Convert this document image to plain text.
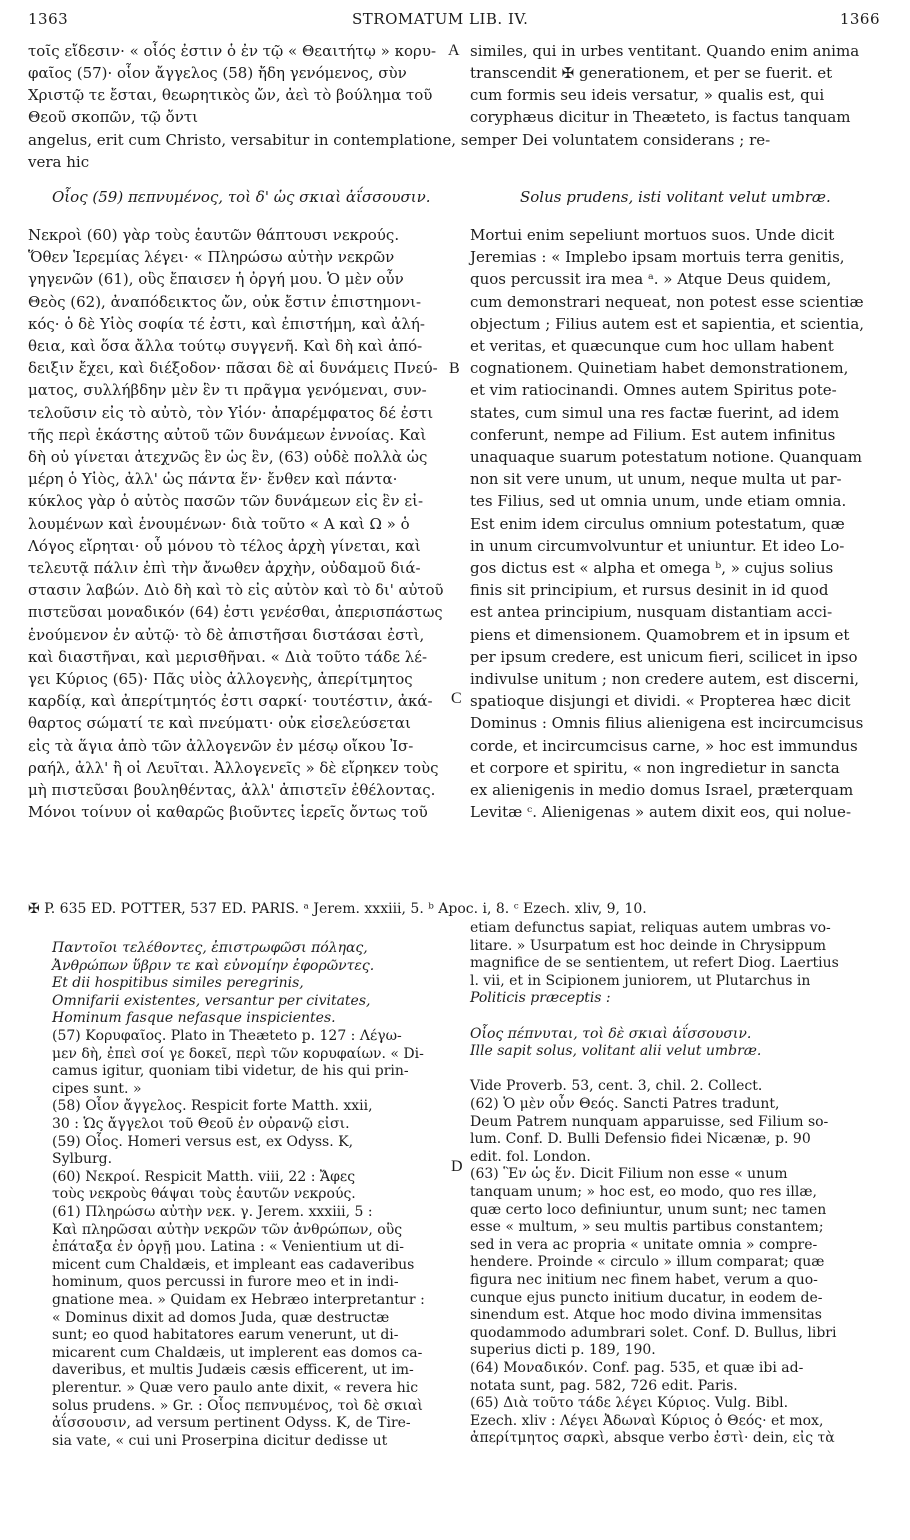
1363	STROMATUM LIB. IV.	1366
τοῖς εἴδεσιν· « οἷός ἐστιν ὁ ἐν τῷ « Θεαιτήτῳ » κορυ-
φαῖος (57)· οἷον ἄγγελος (58) ἤδη γενόμενος, σὺν
Χριστῷ τε ἔσται, θεωρητικὸς ὤν, ἀεὶ τὸ βούλημα τοῦ
Θεοῦ σκοπῶν, τῷ ὄντι
A similes, qui in urbes ventitant. Quando enim anima
transcendit ✠ generationem, et per se fuerit. et
cum formis seu ideis versatur, » qualis est, qui
coryphæus dicitur in Theæteto, is factus tanquam
angelus, erit cum Christo, versabitur in contemplatione, semper Dei voluntatem considerans ; re-
vera hic
Οἷος (59) πεπνυμένος, τοὶ δ' ὡς σκιαὶ ἀΐσσουσιν.	Solus prudens, isti volitant velut umbræ.
Νεκροὶ (60) γὰρ τοὺς ἑαυτῶν θάπτουσι νεκρούς.
Ὅθεν Ἱερεμίας λέγει· « Πληρώσω αὐτὴν νεκρῶν
γηγενῶν (61), οὓς ἔπαισεν ἡ ὀργή μου. Ὁ μὲν οὖν
Θεὸς (62), ἀναπόδεικτος ὤν, οὐκ ἔστιν ἐπιστημονι-
κός· ὁ δὲ Υἱὸς σοφία τέ ἐστι, καὶ ἐπιστήμη, καὶ ἀλή-
θεια, καὶ ὅσα ἄλλα τούτῳ συγγενῆ. Καὶ δὴ καὶ ἀπό-
δειξιν ἔχει, καὶ διέξοδον· πᾶσαι δὲ αἱ δυνάμεις Πνεύ-
ματος, συλλήβδην μὲν ἓν τι πρᾶγμα γενόμεναι, συν-
τελοῦσιν εἰς τὸ αὐτὸ, τὸν Υἱόν· ἀπαρέμφατος δέ ἐστι
τῆς περὶ ἑκάστης αὐτοῦ τῶν δυνάμεων ἐννοίας. Καὶ
δὴ οὐ γίνεται ἀτεχνῶς ἓν ὡς ἓν, (63) οὐδὲ πολλὰ ὡς
μέρη ὁ Υἱὸς, ἀλλ' ὡς πάντα ἕν· ἔνθεν καὶ πάντα·
κύκλος γὰρ ὁ αὐτὸς πασῶν τῶν δυνάμεων εἰς ἓν εἰ-
λουμένων καὶ ἑνουμένων· διὰ τοῦτο « Α καὶ Ω » ὁ
Λόγος εἴρηται· οὗ μόνου τὸ τέλος ἀρχὴ γίνεται, καὶ
τελευτᾷ πάλιν ἐπὶ τὴν ἄνωθεν ἀρχὴν, οὐδαμοῦ διά-
στασιν λαβών. Διὸ δὴ καὶ τὸ εἰς αὐτὸν καὶ τὸ δι' αὐτοῦ
πιστεῦσαι μοναδικόν (64) ἐστι γενέσθαι, ἀπερισπάστως
ἑνούμενον ἐν αὐτῷ· τὸ δὲ ἀπιστῆσαι διστάσαι ἐστὶ,
καὶ διαστῆναι, καὶ μερισθῆναι. « Διὰ τοῦτο τάδε λέ-
γει Κύριος (65)· Πᾶς υἱὸς ἀλλογενὴς, ἀπερίτμητος
καρδίᾳ, καὶ ἀπερίτμητός ἐστι σαρκί· τουτέστιν, ἀκά-
θαρτος σώματί τε καὶ πνεύματι· οὐκ εἰσελεύσεται
εἰς τὰ ἅγια ἀπὸ τῶν ἀλλογενῶν ἐν μέσῳ οἴκου Ἰσ-
ραήλ, ἀλλ' ἢ οἱ Λευῖται. Ἀλλογενεῖς » δὲ εἴρηκεν τοὺς
μὴ πιστεῦσαι βουληθέντας, ἀλλ' ἀπιστεῖν ἐθέλοντας.
Μόνοι τοίνυν οἱ καθαρῶς βιοῦντες ἱερεῖς ὄντως τοῦ
Mortui enim sepeliunt mortuos suos. Unde dicit
Jeremias : « Implebo ipsam mortuis terra genitis,
quos percussit ira mea ᵃ. » Atque Deus quidem,
cum demonstrari nequeat, non potest esse scientiæ
objectum ; Filius autem est et sapientia, et scientia,
et veritas, et quæcunque cum hoc ullam habent
cognationem. Quinetiam habet demonstrationem,
et vim ratiocinandi. Omnes autem Spiritus pote-
states, cum simul una res factæ fuerint, ad idem
conferunt, nempe ad Filium. Est autem infinitus
unaquaque suarum potestatum notione. Quanquam
non sit vere unum, ut unum, neque multa ut par-
tes Filius, sed ut omnia unum, unde etiam omnia.
Est enim idem circulus omnium potestatum, quæ
in unum circumvolvuntur et uniuntur. Et ideo Lo-
gos dictus est « alpha et omega ᵇ, » cujus solius
finis sit principium, et rursus desinit in id quod
est antea principium, nusquam distantiam acci-
piens et dimensionem. Quamobrem et in ipsum et
per ipsum credere, est unicum fieri, scilicet in ipso
indivulse unitum ; non credere autem, est discerni,
spatioque disjungi et dividi. « Propterea hæc dicit
Dominus : Omnis filius alienigena est incircumcisus
corde, et incircumcisus carne, » hoc est immundus
et corpore et spiritu, « non ingredietur in sancta
ex alienigenis in medio domus Israel, præterquam
Levitæ ᶜ. Alienigenas » autem dixit eos, qui nolue-
B
C
✠ P. 635 ED. POTTER, 537 ED. PARIS. ᵃ Jerem. xxxiii, 5. ᵇ Apoc. i, 8. ᶜ Ezech. xliv, 9, 10.
Παντοῖοι τελέθοντες, ἐπιστρωφῶσι πόληας,
Ἀνθρώπων ὕβριν τε καὶ εὐνομίην ἐφορῶντες.
Et dii hospitibus similes peregrinis,
Omnifarii existentes, versantur per civitates,
Hominum fasque nefasque inspicientes.
(57) Κορυφαῖος. Plato in Theæteto p. 127 : Λέγω-
μεν δὴ, ἐπεὶ σοί γε δοκεῖ, περὶ τῶν κορυφαίων. « Di-
camus igitur, quoniam tibi videtur, de his qui prin-
cipes sunt. »
(58) Οἷον ἄγγελος. Respicit forte Matth. xxii,
30 : Ὡς ἄγγελοι τοῦ Θεοῦ ἐν οὐρανῷ εἰσι.
(59) Οἷος. Homeri versus est, ex Odyss. K,
Sylburg.
(60) Νεκροί. Respicit Matth. viii, 22 : Ἄφες
τοὺς νεκροὺς θάψαι τοὺς ἑαυτῶν νεκρούς.
(61) Πληρώσω αὐτὴν νεκ. γ. Jerem. xxxiii, 5 :
Καὶ πληρῶσαι αὐτὴν νεκρῶν τῶν ἀνθρώπων, οὓς
ἐπάταξα ἐν ὀργῇ μου. Latina : « Venientium ut di-
micent cum Chaldæis, et impleant eas cadaveribus
hominum, quos percussi in furore meo et in indi-
gnatione mea. » Quidam ex Hebræo interpretantur :
« Dominus dixit ad domos Juda, quæ destructæ
sunt; eo quod habitatores earum venerunt, ut di-
micarent cum Chaldæis, ut implerent eas domos ca-
daveribus, et multis Judæis cæsis efficerent, ut im-
plerentur. » Quæ vero paulo ante dixit, « revera hic
solus prudens. » Gr. : Οἷος πεπνυμένος, τοὶ δὲ σκιαὶ
ἀΐσσουσιν, ad versum pertinent Odyss. K, de Tire-
sia vate, « cui uni Proserpina dicitur dedisse ut
etiam defunctus sapiat, reliquas autem umbras vo-
litare. » Usurpatum est hoc deinde in Chrysippum
magnifice de se sentientem, ut refert Diog. Laertius
l. vii, et in Scipionem juniorem, ut Plutarchus in
Politicis præceptis :
Οἷος πέπνυται, τοὶ δὲ σκιαὶ ἀΐσσουσιν.
Ille sapit solus, volitant alii velut umbræ.
Vide Proverb. 53, cent. 3, chil. 2. Collect.
(62) Ὁ μὲν οὖν Θεός. Sancti Patres tradunt,
Deum Patrem nunquam apparuisse, sed Filium so-
lum. Conf. D. Bulli Defensio fidei Nicænæ, p. 90
edit. fol. London.
(63) Ἓν ὡς ἕν. Dicit Filium non esse « unum
tanquam unum; » hoc est, eo modo, quo res illæ,
quæ certo loco definiuntur, unum sunt; nec tamen
esse « multum, » seu multis partibus constantem;
sed in vera ac propria « unitate omnia » compre-
hendere. Proinde « circulo » illum comparat; quæ
figura nec initium nec finem habet, verum a quo-
cunque ejus puncto initium ducatur, in eodem de-
sinendum est. Atque hoc modo divina immensitas
quodammodo adumbrari solet. Conf. D. Bullus, libri
superius dicti p. 189, 190.
(64) Μοναδικόν. Conf. pag. 535, et quæ ibi ad-
notata sunt, pag. 582, 726 edit. Paris.
(65) Διὰ τοῦτο τάδε λέγει Κύριος. Vulg. Bibl.
Ezech. xliv : Λέγει Ἀδωναὶ Κύριος ὁ Θεός· et mox,
ἀπερίτμητος σαρκὶ, absque verbo ἐστὶ· dein, εἰς τὰ
D
